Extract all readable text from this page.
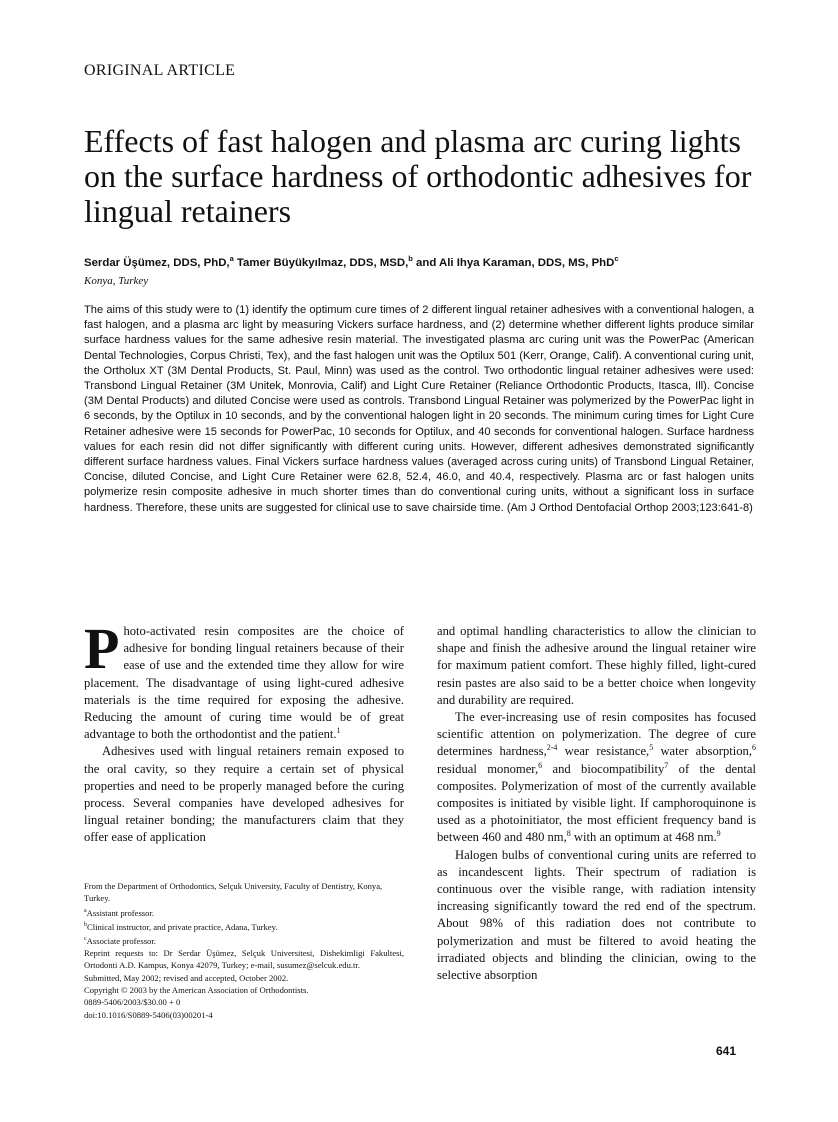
ORIGINAL ARTICLE
Effects of fast halogen and plasma arc curing lights on the surface hardness of orthodontic adhesives for lingual retainers
Serdar Üşümez, DDS, PhD,$^a$ Tamer Büyükyılmaz, DDS, MSD,$^b$ and Ali Ihya Karaman, DDS, MS, PhD$^c$
Konya, Turkey

The aims of this study were to (1) identify the optimum cure times of 2 different lingual retainer adhesives with a conventional halogen, a fast halogen, and a plasma arc light by measuring Vickers surface hardness, and (2) determine whether different lights produce similar surface hardness values for the same adhesive resin material. The investigated plasma arc curing unit was the PowerPac (American Dental Technologies, Corpus Christi, Tex), and the fast halogen unit was the Optilux 501 (Kerr, Orange, Calif). A conventional curing unit, the Ortholux XT (3M Dental Products, St. Paul, Minn) was used as the control. Two orthodontic lingual retainer adhesives were used: Transbond Lingual Retainer (3M Unitek, Monrovia, Calif) and Light Cure Retainer (Reliance Orthodontic Products, Itasca, Ill). Concise (3M Dental Products) and diluted Concise were used as controls. Transbond Lingual Retainer was polymerized by the PowerPac light in 6 seconds, by the Optilux in 10 seconds, and by the conventional halogen light in 20 seconds. The minimum curing times for Light Cure Retainer adhesive were 15 seconds for PowerPac, 10 seconds for Optilux, and 40 seconds for conventional halogen. Surface hardness values for each resin did not differ significantly with different curing units. However, different adhesives demonstrated significantly different surface hardness values. Final Vickers surface hardness values (averaged across curing units) of Transbond Lingual Retainer, Concise, diluted Concise, and Light Cure Retainer were 62.8, 52.4, 46.0, and 40.4, respectively. Plasma arc or fast halogen units polymerize resin composite adhesive in much shorter times than do conventional curing units, without a significant loss in surface hardness. Therefore, these units are suggested for clinical use to save chairside time. (Am J Orthod Dentofacial Orthop 2003;123:641-8)

Photo-activated resin composites are the choice of adhesive for bonding lingual retainers because of their ease of use and the extended time they allow for wire placement. The disadvantage of using light-cured adhesive materials is the time required for exposing the adhesive. Reducing the amount of curing time would be of great advantage to both the orthodontist and the patient.$^1$

Adhesives used with lingual retainers remain exposed to the oral cavity, so they require a certain set of physical properties and need to be properly managed before the curing process. Several companies have developed adhesives for lingual retainer bonding; the manufacturers claim that they offer ease of application

and optimal handling characteristics to allow the clinician to shape and finish the adhesive around the lingual retainer wire for maximum patient comfort. These highly filled, light-cured resin pastes are also said to be a better choice when longevity and durability are required.

The ever-increasing use of resin composites has focused scientific attention on polymerization. The degree of cure determines hardness,$^{2-4}$ wear resistance,$^5$ water absorption,$^6$ residual monomer,$^6$ and biocompatibility$^7$ of the dental composites. Polymerization of most of the currently available composites is initiated by visible light. If camphoroquinone is used as a photoinitiator, the most efficient frequency band is between 460 and 480 nm,$^8$ with an optimum at 468 nm.$^9$

Halogen bulbs of conventional curing units are referred to as incandescent lights. Their spectrum of radiation is continuous over the visible range, with radiation intensity increasing significantly toward the red end of the spectrum. About 98% of this radiation does not contribute to polymerization and must be filtered to avoid heating the irradiated objects and blinding the clinician, owing to the selective absorption

From the Department of Orthodontics, Selçuk University, Faculty of Dentistry, Konya, Turkey.
$^a$Assistant professor.
$^b$Clinical instructor, and private practice, Adana, Turkey.
$^c$Associate professor.
Reprint requests to: Dr Serdar Üşümez, Selçuk Universitesi, Dishekimligi Fakultesi, Ortodonti A.D. Kampus, Konya 42079, Turkey; e-mail, susumez@selcuk.edu.tr.
Submitted, May 2002; revised and accepted, October 2002.
Copyright © 2003 by the American Association of Orthodontists.
0889-5406/2003/$30.00 + 0
doi:10.1016/S0889-5406(03)00201-4
641
